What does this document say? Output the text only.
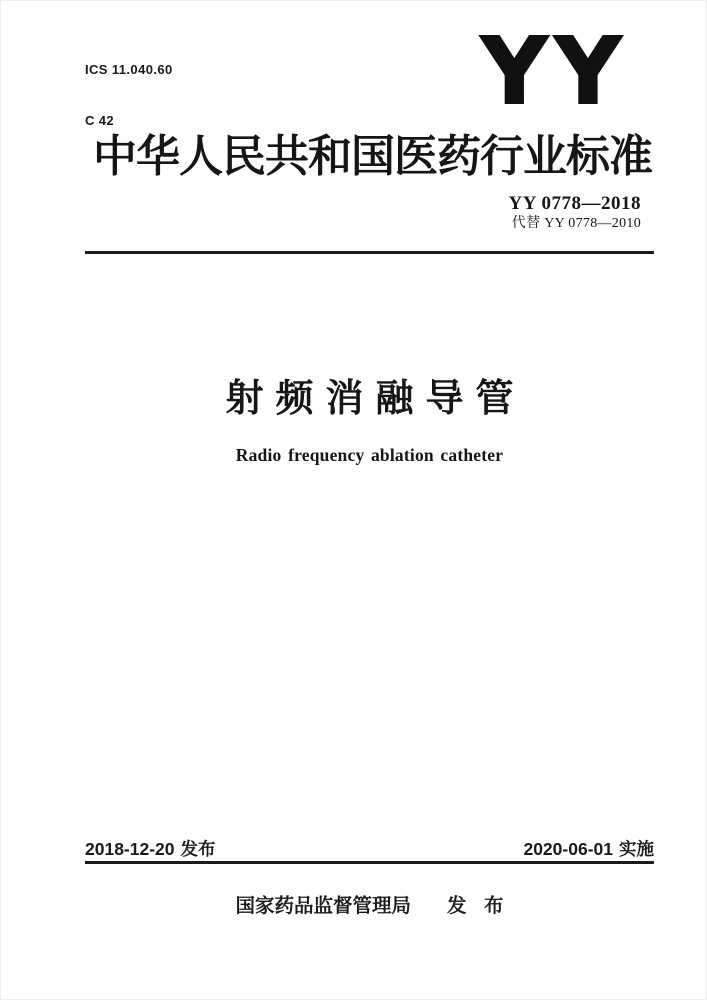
ICS 11.040.60

C 42

	YY
中华人民共和国医药行业标准
YY 0778—2018
代替 YY 0778—2010
射频消融导管
Radio frequency ablation catheter
2018-12-20 发布	2020-06-01 实施
国家药品监督管理局 发 布
